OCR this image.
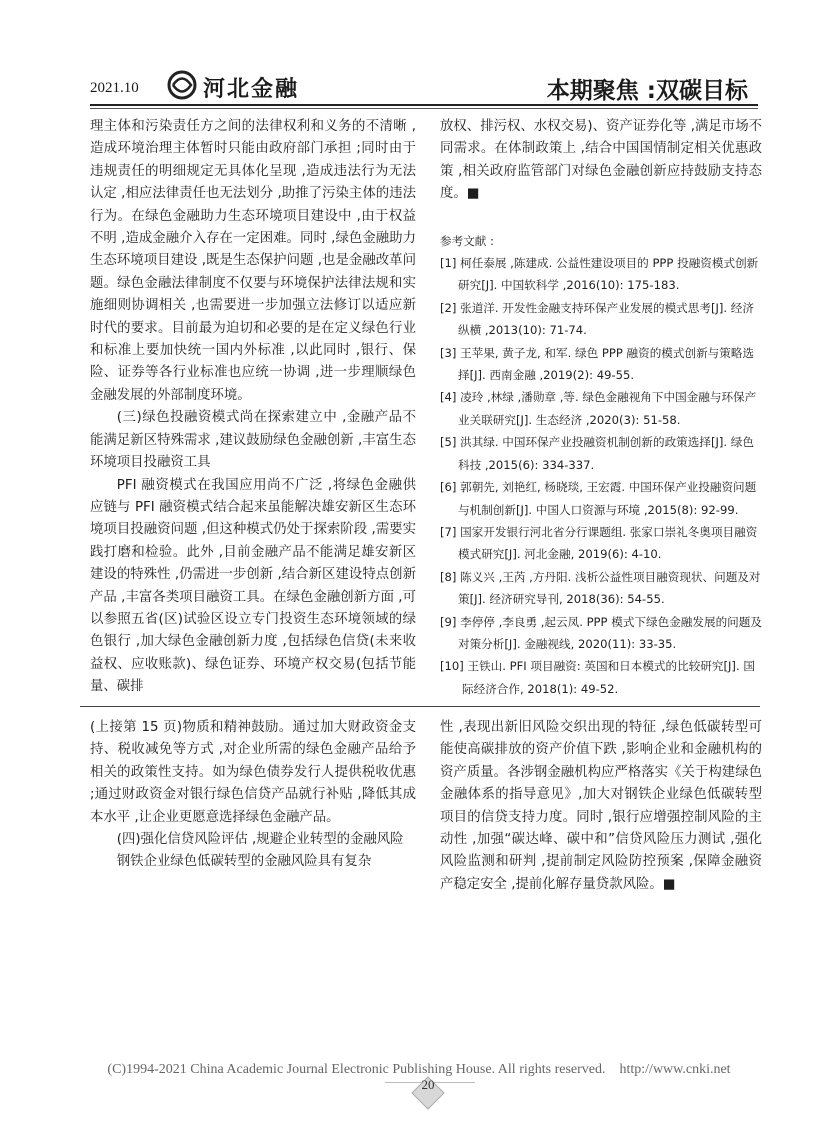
2021.10	河北金融	本期聚焦 :双碳目标

理主体和污染责任方之间的法律权利和义务的不清晰 ,造成环境治理主体暂时只能由政府部门承担 ;同时由于违规责任的明细规定无具体化呈现 ,造成违法行为无法认定 ,相应法律责任也无法划分 ,助推了污染主体的违法行为。在绿色金融助力生态环境项目建设中 ,由于权益不明 ,造成金融介入存在一定困难。同时 ,绿色金融助力生态环境项目建设 ,既是生态保护问题 ,也是金融改革问题。绿色金融法律制度不仅要与环境保护法律法规和实施细则协调相关 ,也需要进一步加强立法修订以适应新时代的要求。目前最为迫切和必要的是在定义绿色行业和标准上要加快统一国内外标准 ,以此同时 ,银行、保险、证券等各行业标准也应统一协调 ,进一步理顺绿色金融发展的外部制度环境。

(三)绿色投融资模式尚在探索建立中 ,金融产品不能满足新区特殊需求 ,建议鼓励绿色金融创新 ,丰富生态环境项目投融资工具

PFI 融资模式在我国应用尚不广泛 ,将绿色金融供应链与 PFI 融资模式结合起来虽能解决雄安新区生态环境项目投融资问题 ,但这种模式仍处于探索阶段 ,需要实践打磨和检验。此外 ,目前金融产品不能满足雄安新区建设的特殊性 ,仍需进一步创新 ,结合新区建设特点创新产品 ,丰富各类项目融资工具。在绿色金融创新方面 ,可以参照五省(区)试验区设立专门投资生态环境领域的绿色银行 ,加大绿色金融创新力度 ,包括绿色信贷(未来收益权、应收账款)、绿色证券、环境产权交易(包括节能量、碳排

放权、排污权、水权交易)、资产证券化等 ,满足市场不同需求。在体制政策上 ,结合中国国情制定相关优惠政策 ,相关政府监管部门对绿色金融创新应持鼓励支持态度。■

参考文献 :
[1] 柯任泰展 ,陈建成. 公益性建设项目的 PPP 投融资模式创新研究[J]. 中国软科学 ,2016(10): 175-183.
[2] 张道洋. 开发性金融支持环保产业发展的模式思考[J]. 经济纵横 ,2013(10): 71-74.
[3] 王苹果, 黄子龙, 和军. 绿色 PPP 融资的模式创新与策略选择[J]. 西南金融 ,2019(2): 49-55.
[4] 凌玲 ,林绿 ,潘勋章 ,等. 绿色金融视角下中国金融与环保产业关联研究[J]. 生态经济 ,2020(3): 51-58.
[5] 洪其绿. 中国环保产业投融资机制创新的政策选择[J]. 绿色科技 ,2015(6): 334-337.
[6] 郭朝先, 刘艳红, 杨晓琰, 王宏霞. 中国环保产业投融资问题与机制创新[J]. 中国人口资源与环境 ,2015(8): 92-99.
[7] 国家开发银行河北省分行课题组. 张家口崇礼冬奥项目融资模式研究[J]. 河北金融, 2019(6): 4-10.
[8] 陈义兴 ,王芮 ,方丹阳. 浅析公益性项目融资现状、问题及对策[J]. 经济研究导刊, 2018(36): 54-55.
[9] 李停停 ,李良勇 ,起云凤. PPP 模式下绿色金融发展的问题及对策分析[J]. 金融视线, 2020(11): 33-35.
[10] 王铁山. PFI 项目融资: 英国和日本模式的比较研究[J]. 国际经济合作, 2018(1): 49-52.

(上接第 15 页)物质和精神鼓励。通过加大财政资金支持、税收减免等方式 ,对企业所需的绿色金融产品给予相关的政策性支持。如为绿色债券发行人提供税收优惠 ;通过财政资金对银行绿色信贷产品就行补贴 ,降低其成本水平 ,让企业更愿意选择绿色金融产品。

(四)强化信贷风险评估 ,规避企业转型的金融风险

钢铁企业绿色低碳转型的金融风险具有复杂

性 ,表现出新旧风险交织出现的特征 ,绿色低碳转型可能使高碳排放的资产价值下跌 ,影响企业和金融机构的资产质量。各涉钢金融机构应严格落实《关于构建绿色金融体系的指导意见》,加大对钢铁企业绿色低碳转型项目的信贷支持力度。同时 ,银行应增强控制风险的主动性 ,加强“碳达峰、碳中和”信贷风险压力测试 ,强化风险监测和研判 ,提前制定风险防控预案 ,保障金融资产稳定安全 ,提前化解存量贷款风险。■

(C)1994-2021 China Academic Journal Electronic Publishing House. All rights reserved.    http://www.cnki.net
20
